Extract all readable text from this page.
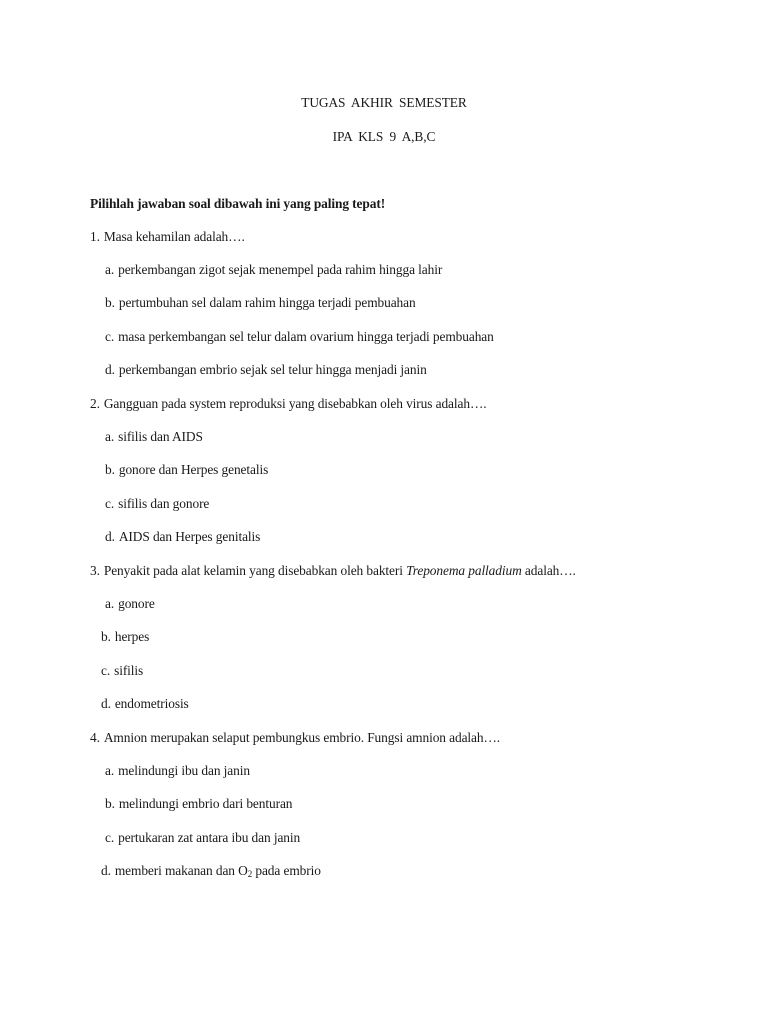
TUGAS AKHIR SEMESTER
IPA KLS 9 A,B,C
Pilihlah jawaban soal dibawah ini yang paling tepat!
1. Masa kehamilan adalah….
a. perkembangan zigot sejak menempel pada rahim hingga lahir
b. pertumbuhan sel dalam rahim hingga terjadi pembuahan
c. masa perkembangan sel telur dalam ovarium hingga terjadi pembuahan
d. perkembangan embrio sejak sel telur hingga menjadi janin
2. Gangguan pada system reproduksi yang disebabkan oleh virus adalah….
a. sifilis dan AIDS
b. gonore dan Herpes genetalis
c. sifilis dan gonore
d. AIDS dan Herpes genitalis
3. Penyakit pada alat kelamin yang disebabkan oleh bakteri Treponema palladium adalah….
a. gonore
b. herpes
c. sifilis
d. endometriosis
4. Amnion merupakan selaput pembungkus embrio. Fungsi amnion adalah….
a. melindungi ibu dan janin
b. melindungi embrio dari benturan
c. pertukaran zat antara ibu dan janin
d. memberi makanan dan $O_2$ pada embrio
